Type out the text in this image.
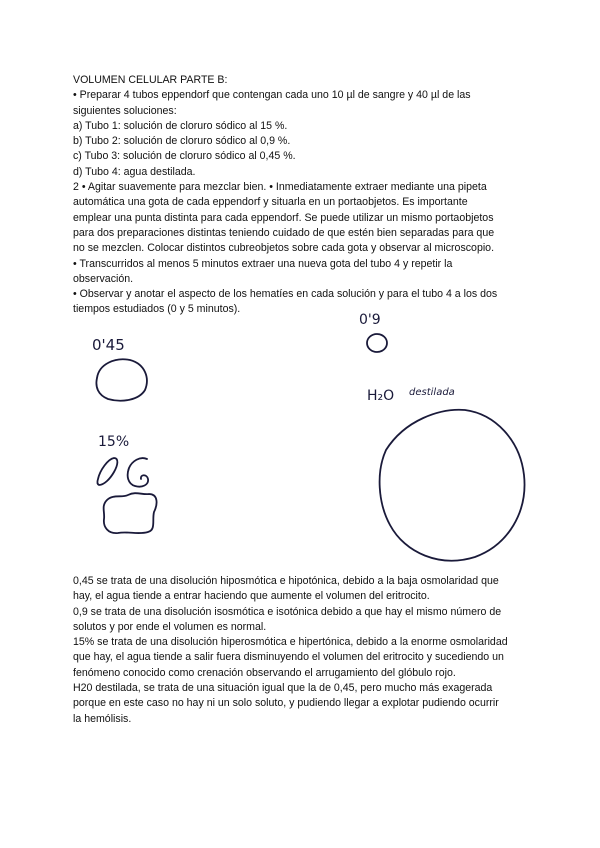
VOLUMEN CELULAR PARTE B:

• Preparar 4 tubos eppendorf que contengan cada uno 10 µl de sangre y 40 µl de las

siguientes soluciones:

a) Tubo 1: solución de cloruro sódico al 15 %.

b) Tubo 2: solución de cloruro sódico al 0,9 %.

c) Tubo 3: solución de cloruro sódico al 0,45 %.

d) Tubo 4: agua destilada.

2 • Agitar suavemente para mezclar bien. • Inmediatamente extraer mediante una pipeta

automática una gota de cada eppendorf y situarla en un portaobjetos. Es importante

emplear una punta distinta para cada eppendorf. Se puede utilizar un mismo portaobjetos

para dos preparaciones distintas teniendo cuidado de que estén bien separadas para que

no se mezclen. Colocar distintos cubreobjetos sobre cada gota y observar al microscopio.

• Transcurridos al menos 5 minutos extraer una nueva gota del tubo 4 y repetir la

observación.

• Observar y anotar el aspecto de los hematíes en cada solución y para el tubo 4 a los dos

tiempos estudiados (0 y 5 minutos).

0'45
15%
0'9
H₂O destilada

0,45 se trata de una disolución hiposmótica e hipotónica, debido a la baja osmolaridad que

hay, el agua tiende a entrar haciendo que aumente el volumen del eritrocito.

0,9 se trata de una disolución isosmótica e isotónica debido a que hay el mismo número de

solutos y por ende el volumen es normal.

15% se trata de una disolución hiperosmótica e hipertónica, debido a la enorme osmolaridad

que hay, el agua tiende a salir fuera disminuyendo el volumen del eritrocito y sucediendo un

fenómeno conocido como crenación observando el arrugamiento del glóbulo rojo.

H20 destilada, se trata de una situación igual que la de 0,45, pero mucho más exagerada

porque en este caso no hay ni un solo soluto, y pudiendo llegar a explotar pudiendo ocurrir

la hemólisis.
